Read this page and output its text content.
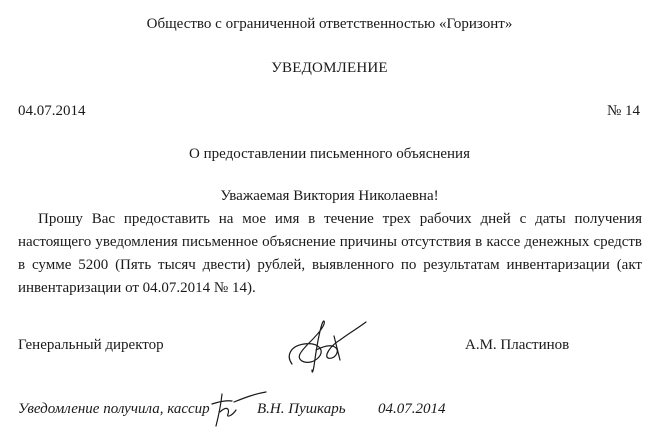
Общество с ограниченной ответственностью «Горизонт»
УВЕДОМЛЕНИЕ
04.07.2014	№ 14
О предоставлении письменного объяснения
Уважаемая Виктория Николаевна!
Прошу Вас предоставить на мое имя в течение трех рабочих дней с даты получения настоящего уведомления письменное объяснение причины отсутствия в кассе денежных средств в сумме 5200 (Пять тысяч двести) рублей, выявленного по результатам инвентаризации (акт инвентаризации от 04.07.2014 № 14).
Генеральный директор	А.М. Пластинов
Уведомление получила, кассир	В.Н. Пушкарь 04.07.2014
